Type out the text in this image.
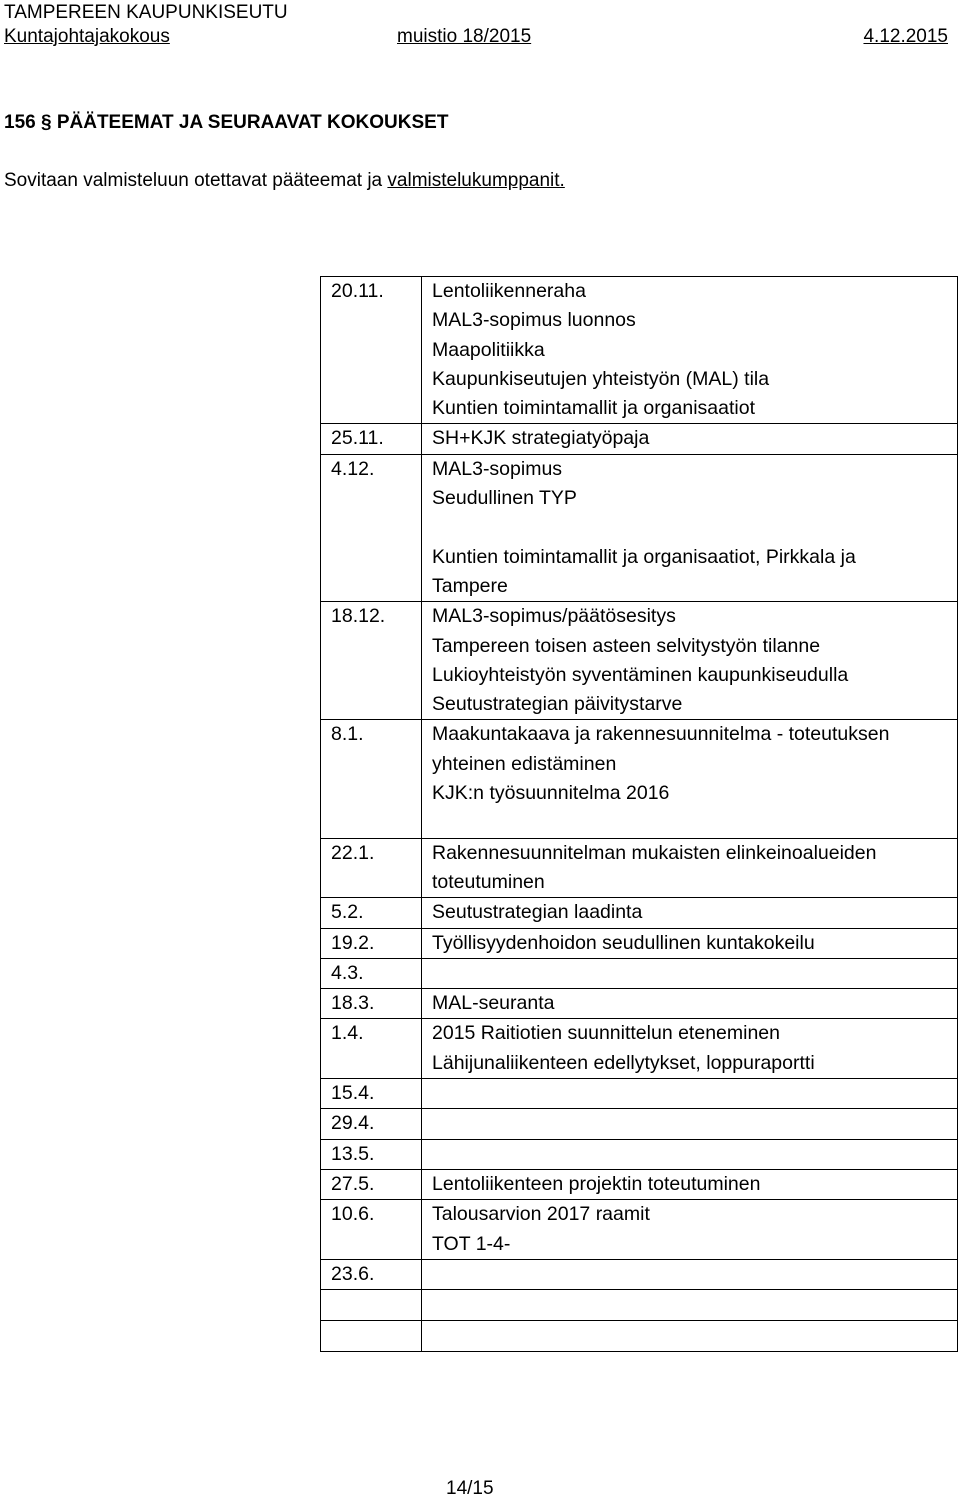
TAMPEREEN KAUPUNKISEUTU
Kuntajohtajakokous	muistio 18/2015	4.12.2015
156 § PÄÄTEEMAT JA SEURAAVAT KOKOUKSET
Sovitaan valmisteluun otettavat pääteemat ja valmistelukumppanit.
20.11.	Lentoliikenneraha
MAL3-sopimus luonnos
Maapolitiikka
Kaupunkiseutujen yhteistyön (MAL) tila
Kuntien toimintamallit ja organisaatiot

25.11.	SH+KJK strategiatyöpaja

4.12.	MAL3-sopimus
Seudullinen TYP

Kuntien toimintamallit ja organisaatiot, Pirkkala ja
Tampere

18.12.	MAL3-sopimus/päätösesitys
Tampereen toisen asteen selvitystyön tilanne
Lukioyhteistyön syventäminen kaupunkiseudulla
Seutustrategian päivitystarve

8.1.	Maakuntakaava ja rakennesuunnitelma - toteutuksen
yhteinen edistäminen
KJK:n työsuunnitelma 2016

22.1.	Rakennesuunnitelman mukaisten elinkeinoalueiden
toteutuminen

5.2.	Seutustrategian laadinta

19.2.	Työllisyydenhoidon seudullinen kuntakokeilu

4.3.	
18.3.	MAL-seuranta

1.4.	2015 Raitiotien suunnittelun eteneminen
Lähijunaliikenteen edellytykset, loppuraportti

15.4.	
29.4.	
13.5.	
27.5.	Lentoliikenteen projektin toteutuminen

10.6.	Talousarvion 2017 raamit
TOT 1-4-

23.6.	

14/15
